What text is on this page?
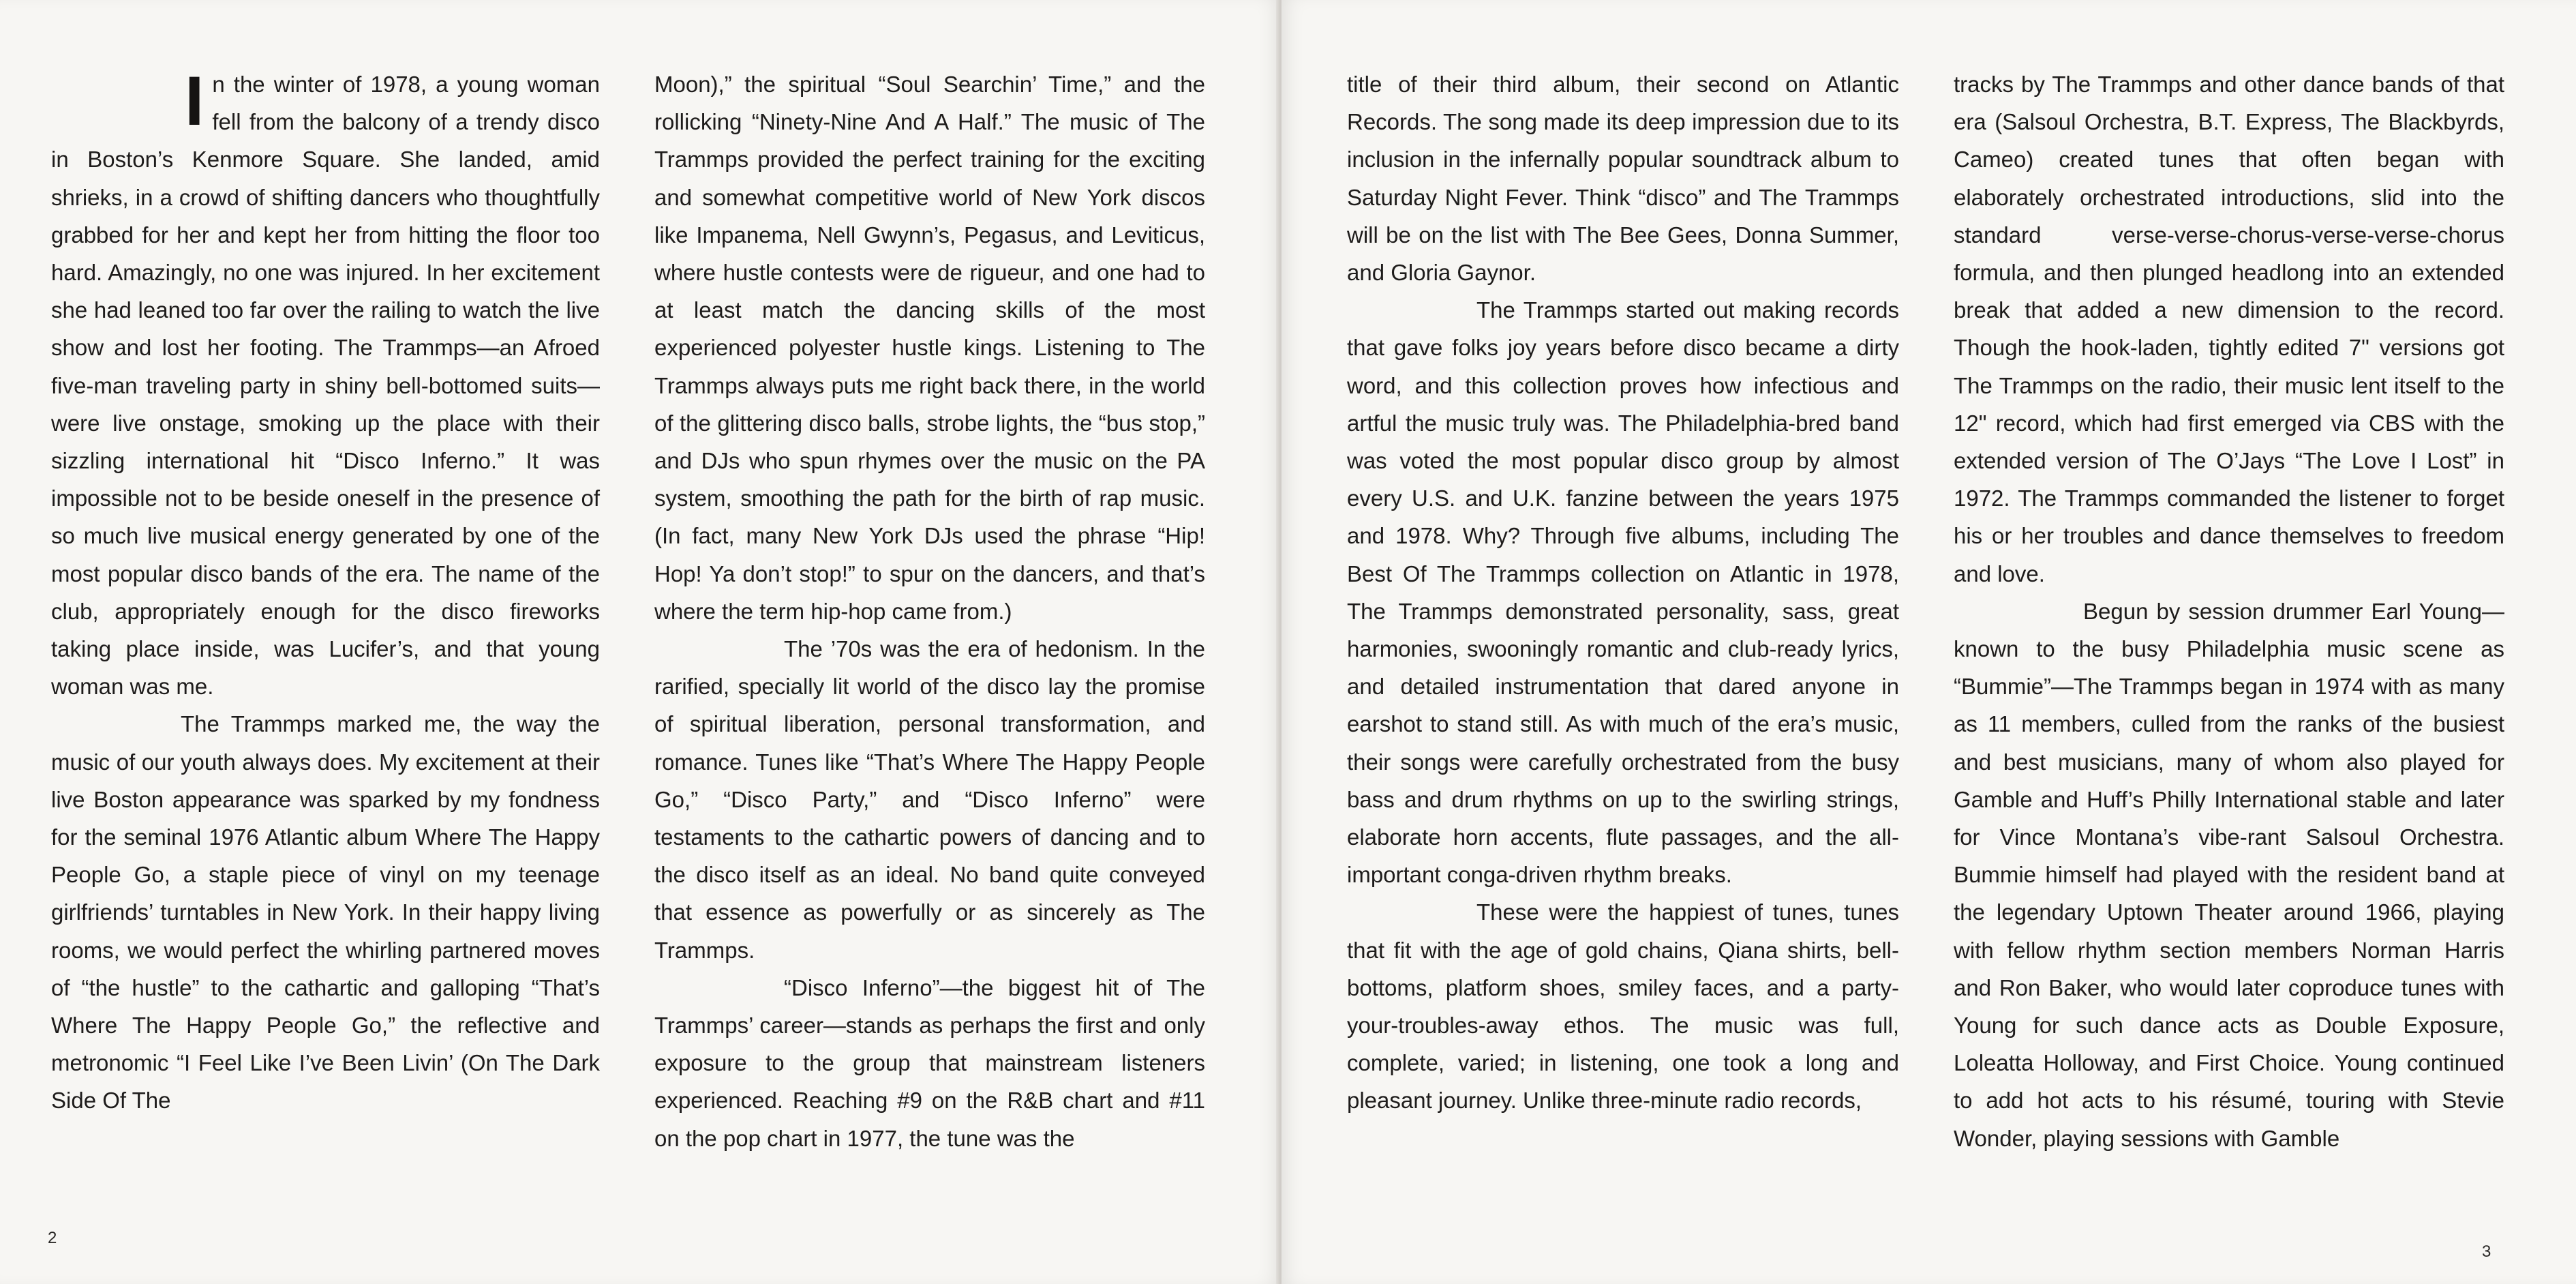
In the winter of 1978, a young woman fell from the balcony of a trendy disco in Boston’s Kenmore Square. She landed, amid shrieks, in a crowd of shifting dancers who thoughtfully grabbed for her and kept her from hitting the floor too hard. Amazingly, no one was injured. In her excitement she had leaned too far over the railing to watch the live show and lost her footing. The Trammps—an Afroed five-man traveling party in shiny bell-bottomed suits—were live onstage, smoking up the place with their sizzling international hit “Disco Inferno.” It was impossible not to be beside oneself in the presence of so much live musical energy generated by one of the most popular disco bands of the era. The name of the club, appropriately enough for the disco fireworks taking place inside, was Lucifer’s, and that young woman was me.

The Trammps marked me, the way the music of our youth always does. My excitement at their live Boston appearance was sparked by my fondness for the seminal 1976 Atlantic album Where The Happy People Go, a staple piece of vinyl on my teenage girlfriends’ turntables in New York. In their happy living rooms, we would perfect the whirling partnered moves of “the hustle” to the cathartic and galloping “That’s Where The Happy People Go,” the reflective and metronomic “I Feel Like I’ve Been Livin’ (On The Dark Side Of The

Moon),” the spiritual “Soul Searchin’ Time,” and the rollicking “Ninety-Nine And A Half.” The music of The Trammps provided the perfect training for the exciting and somewhat competitive world of New York discos like Impanema, Nell Gwynn’s, Pegasus, and Leviticus, where hustle contests were de rigueur, and one had to at least match the dancing skills of the most experienced polyester hustle kings. Listening to The Trammps always puts me right back there, in the world of the glittering disco balls, strobe lights, the “bus stop,” and DJs who spun rhymes over the music on the PA system, smoothing the path for the birth of rap music. (In fact, many New York DJs used the phrase “Hip! Hop! Ya don’t stop!” to spur on the dancers, and that’s where the term hip-hop came from.)

The ’70s was the era of hedonism. In the rarified, specially lit world of the disco lay the promise of spiritual liberation, personal transformation, and romance. Tunes like “That’s Where The Happy People Go,” “Disco Party,” and “Disco Inferno” were testaments to the cathartic powers of dancing and to the disco itself as an ideal. No band quite conveyed that essence as powerfully or as sincerely as The Trammps.

“Disco Inferno”—the biggest hit of The Trammps’ career—stands as perhaps the first and only exposure to the group that mainstream listeners experienced. Reaching #9 on the R&B chart and #11 on the pop chart in 1977, the tune was the

2

title of their third album, their second on Atlantic Records. The song made its deep impression due to its inclusion in the infernally popular soundtrack album to Saturday Night Fever. Think “disco” and The Trammps will be on the list with The Bee Gees, Donna Summer, and Gloria Gaynor.

The Trammps started out making records that gave folks joy years before disco became a dirty word, and this collection proves how infectious and artful the music truly was. The Philadelphia-bred band was voted the most popular disco group by almost every U.S. and U.K. fanzine between the years 1975 and 1978. Why? Through five albums, including The Best Of The Trammps collection on Atlantic in 1978, The Trammps demonstrated personality, sass, great harmonies, swooningly romantic and club-ready lyrics, and detailed instrumentation that dared anyone in earshot to stand still. As with much of the era’s music, their songs were carefully orchestrated from the busy bass and drum rhythms on up to the swirling strings, elaborate horn accents, flute passages, and the all-important conga-driven rhythm breaks.

These were the happiest of tunes, tunes that fit with the age of gold chains, Qiana shirts, bell-bottoms, platform shoes, smiley faces, and a party-your-troubles-away ethos. The music was full, complete, varied; in listening, one took a long and pleasant journey. Unlike three-minute radio records,

tracks by The Trammps and other dance bands of that era (Salsoul Orchestra, B.T. Express, The Blackbyrds, Cameo) created tunes that often began with elaborately orchestrated introductions, slid into the standard verse-verse-chorus-verse-verse-chorus formula, and then plunged headlong into an extended break that added a new dimension to the record. Though the hook-laden, tightly edited 7" versions got The Trammps on the radio, their music lent itself to the 12" record, which had first emerged via CBS with the extended version of The O’Jays “The Love I Lost” in 1972. The Trammps commanded the listener to forget his or her troubles and dance themselves to freedom and love.

Begun by session drummer Earl Young—known to the busy Philadelphia music scene as “Bummie”—The Trammps began in 1974 with as many as 11 members, culled from the ranks of the busiest and best musicians, many of whom also played for Gamble and Huff’s Philly International stable and later for Vince Montana’s vibe-rant Salsoul Orchestra. Bummie himself had played with the resident band at the legendary Uptown Theater around 1966, playing with fellow rhythm section members Norman Harris and Ron Baker, who would later coproduce tunes with Young for such dance acts as Double Exposure, Loleatta Holloway, and First Choice. Young continued to add hot acts to his résumé, touring with Stevie Wonder, playing sessions with Gamble

3
